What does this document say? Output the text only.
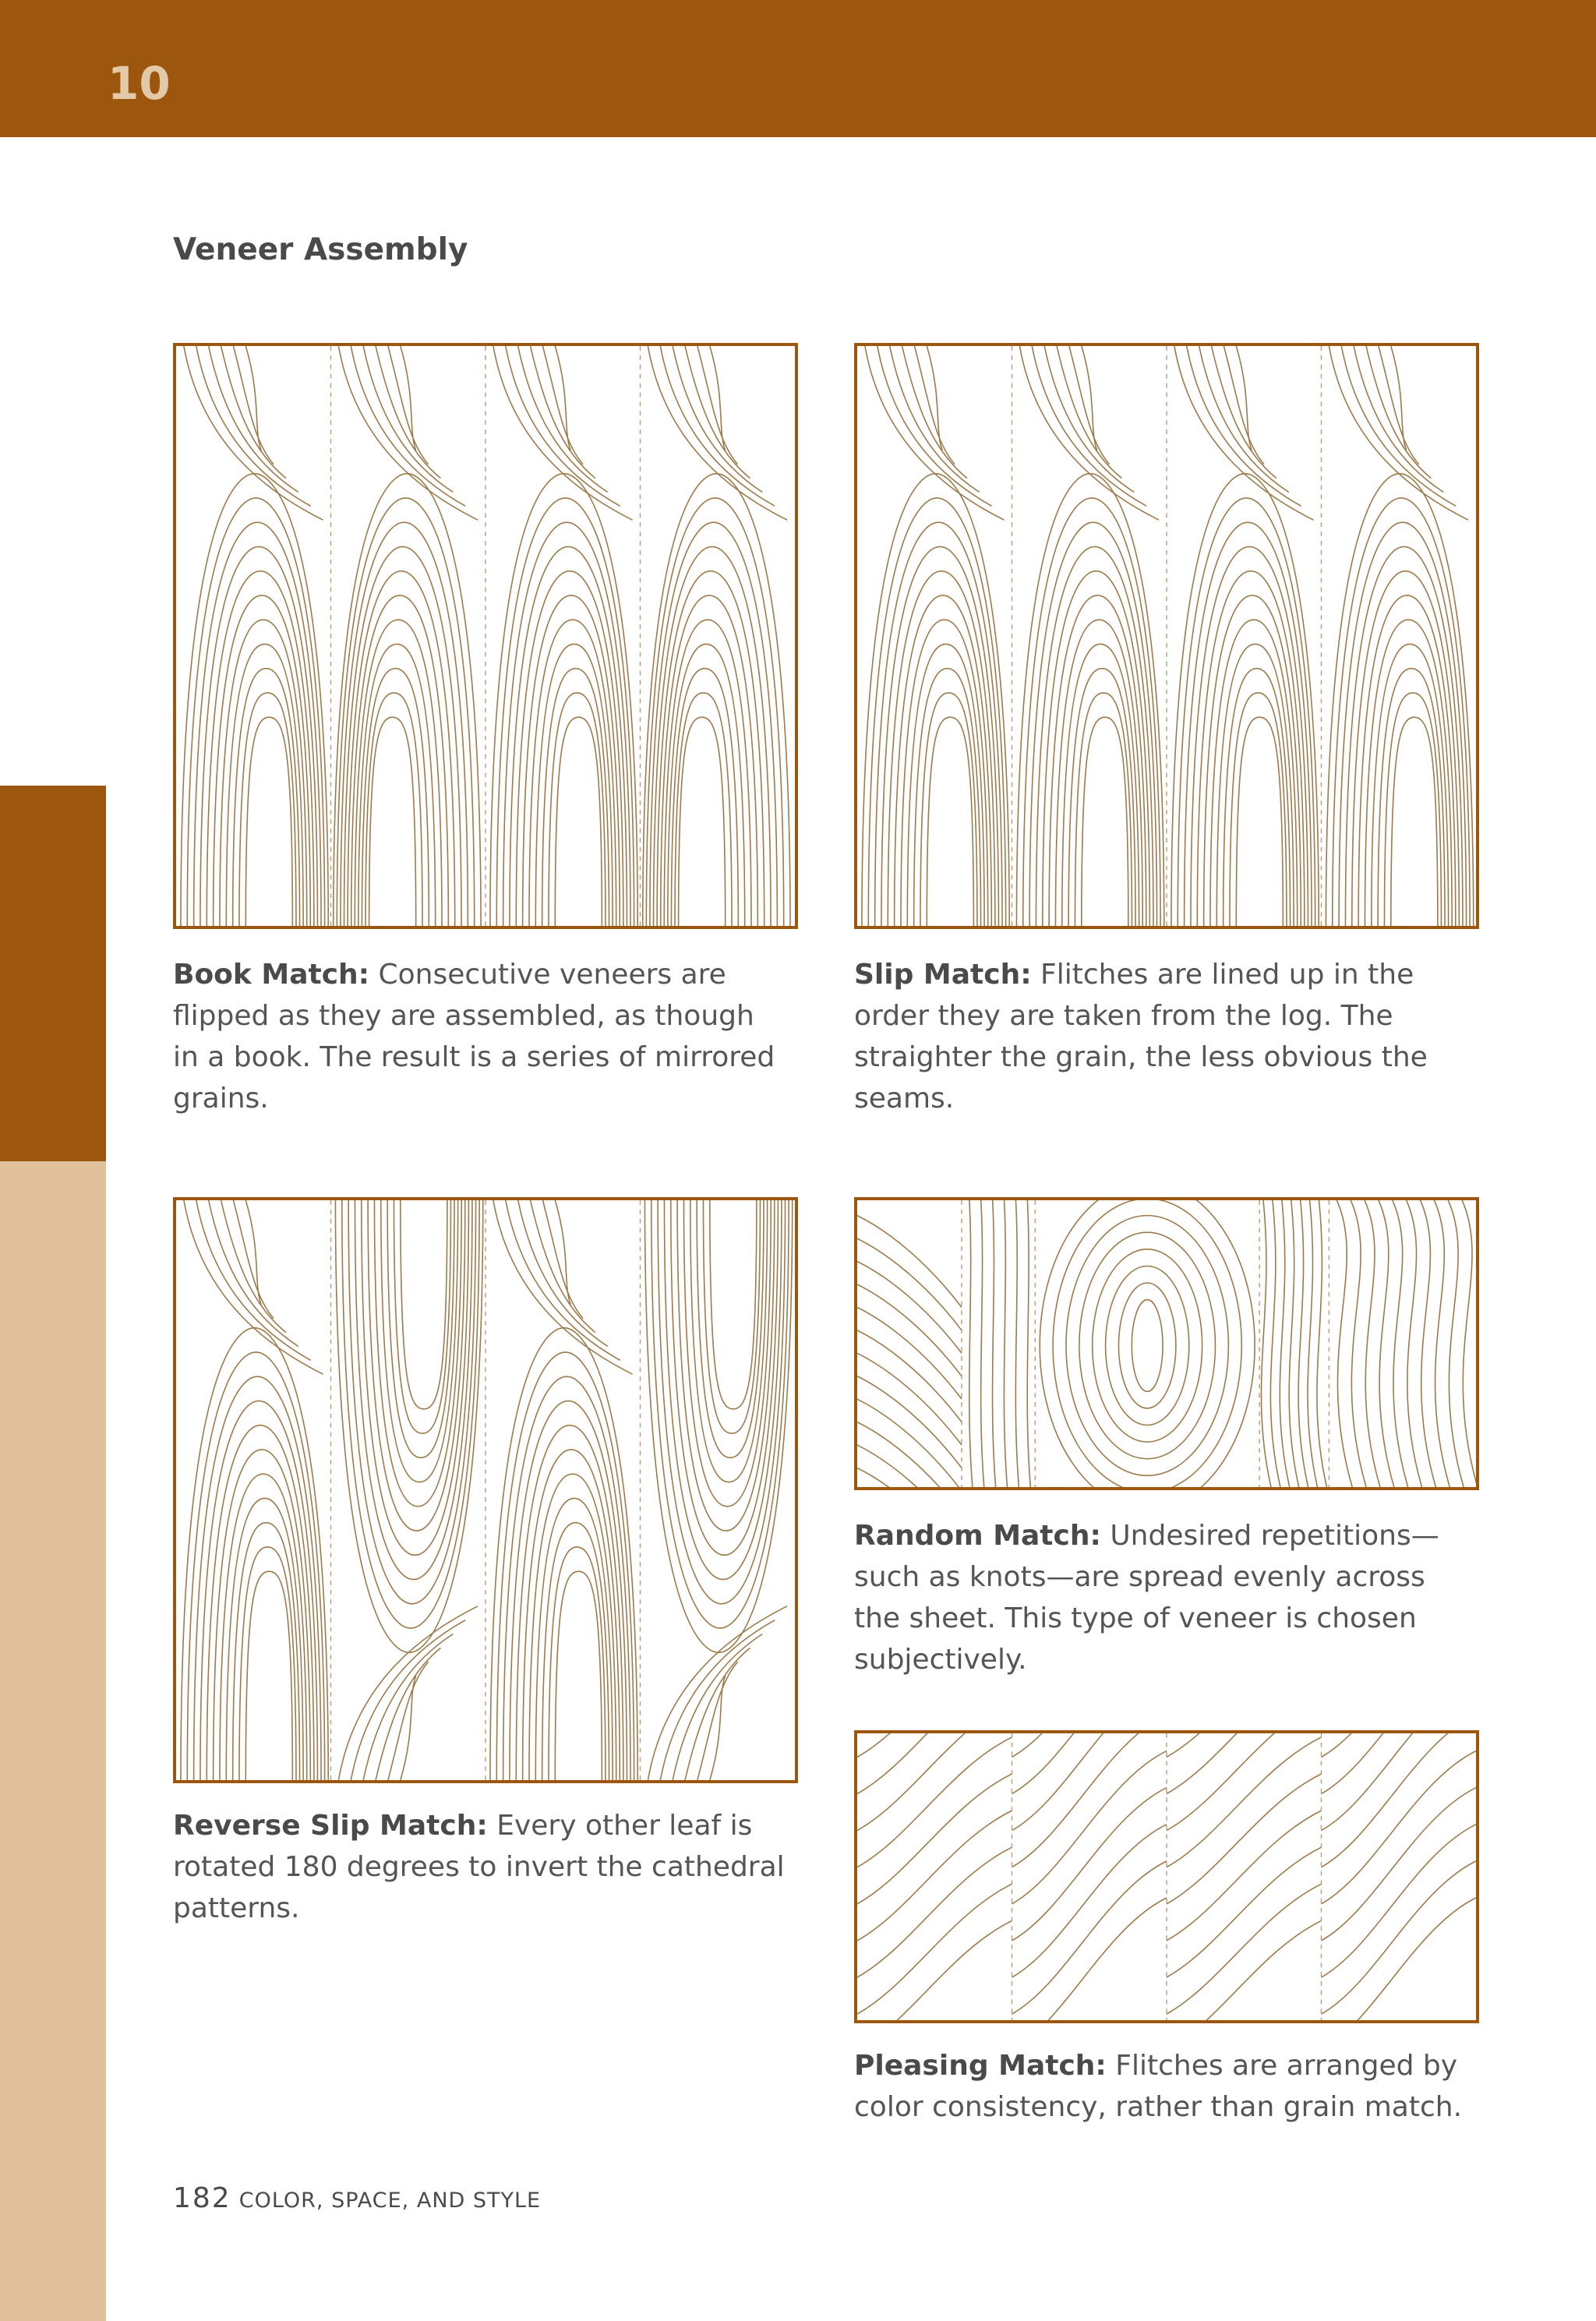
10
Veneer Assembly
Book Match: Consecutive veneers are flipped as they are assembled, as though in a book. The result is a series of mirrored grains.
Slip Match: Flitches are lined up in the order they are taken from the log. The straighter the grain, the less obvious the seams.
Reverse Slip Match: Every other leaf is rotated 180 degrees to invert the cathedral patterns.
Random Match: Undesired repetitions—such as knots—are spread evenly across the sheet. This type of veneer is chosen subjectively.
Pleasing Match: Flitches are arranged by color consistency, rather than grain match.
182 COLOR, SPACE, AND STYLE
